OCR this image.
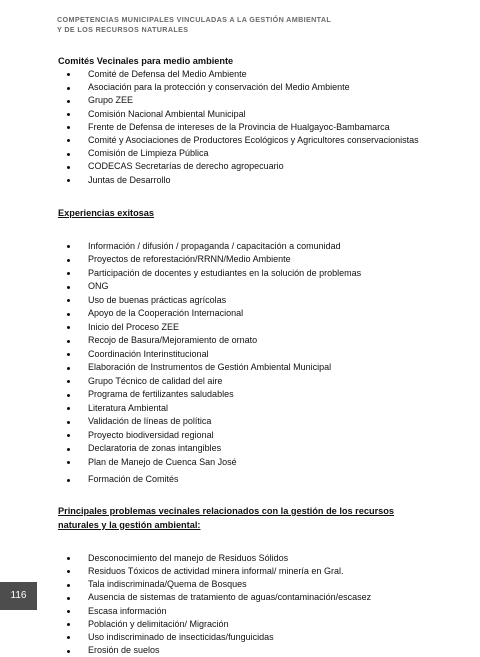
COMPETENCIAS MUNICIPALES VINCULADAS A LA GESTIÓN AMBIENTAL
Y DE LOS RECURSOS NATURALES

Comités Vecinales para medio ambiente

Comité de Defensa del Medio Ambiente
Asociación para la protección y conservación del Medio Ambiente
Grupo ZEE
Comisión Nacional Ambiental Municipal
Frente de Defensa de intereses de la Provincia de Hualgayoc-Bambamarca
Comité y Asociaciones de Productores Ecológicos y Agricultores conservacionistas
Comisión de Limpieza Pública
CODECAS Secretarías de derecho agropecuario
Juntas de Desarrollo

Experiencias exitosas

Información / difusión / propaganda / capacitación a comunidad
Proyectos de reforestación/RRNN/Medio Ambiente
Participación de docentes y estudiantes en la solución de problemas
ONG
Uso de buenas prácticas agrícolas
Apoyo de la Cooperación Internacional
Inicio del Proceso ZEE
Recojo de Basura/Mejoramiento de ornato
Coordinación Interinstitucional
Elaboración de Instrumentos de Gestión Ambiental Municipal
Grupo Técnico de calidad del aire
Programa de fertilizantes saludables
Literatura Ambiental
Validación de líneas de política
Proyecto biodiversidad regional
Declaratoria de zonas intangibles
Plan de Manejo de Cuenca San José
Formación de Comités

Principales problemas vecinales relacionados con la gestión de los recursos
naturales y la gestión ambiental:

Desconocimiento del manejo de Residuos Sólidos
Residuos Tóxicos de actividad minera informal/ minería en Gral.
Tala indiscriminada/Quema de Bosques
Ausencia de sistemas de tratamiento de aguas/contaminación/escasez
Escasa información
Población y delimitación/ Migración
Uso indiscriminado de insecticidas/funguicidas
Erosión de suelos
116
